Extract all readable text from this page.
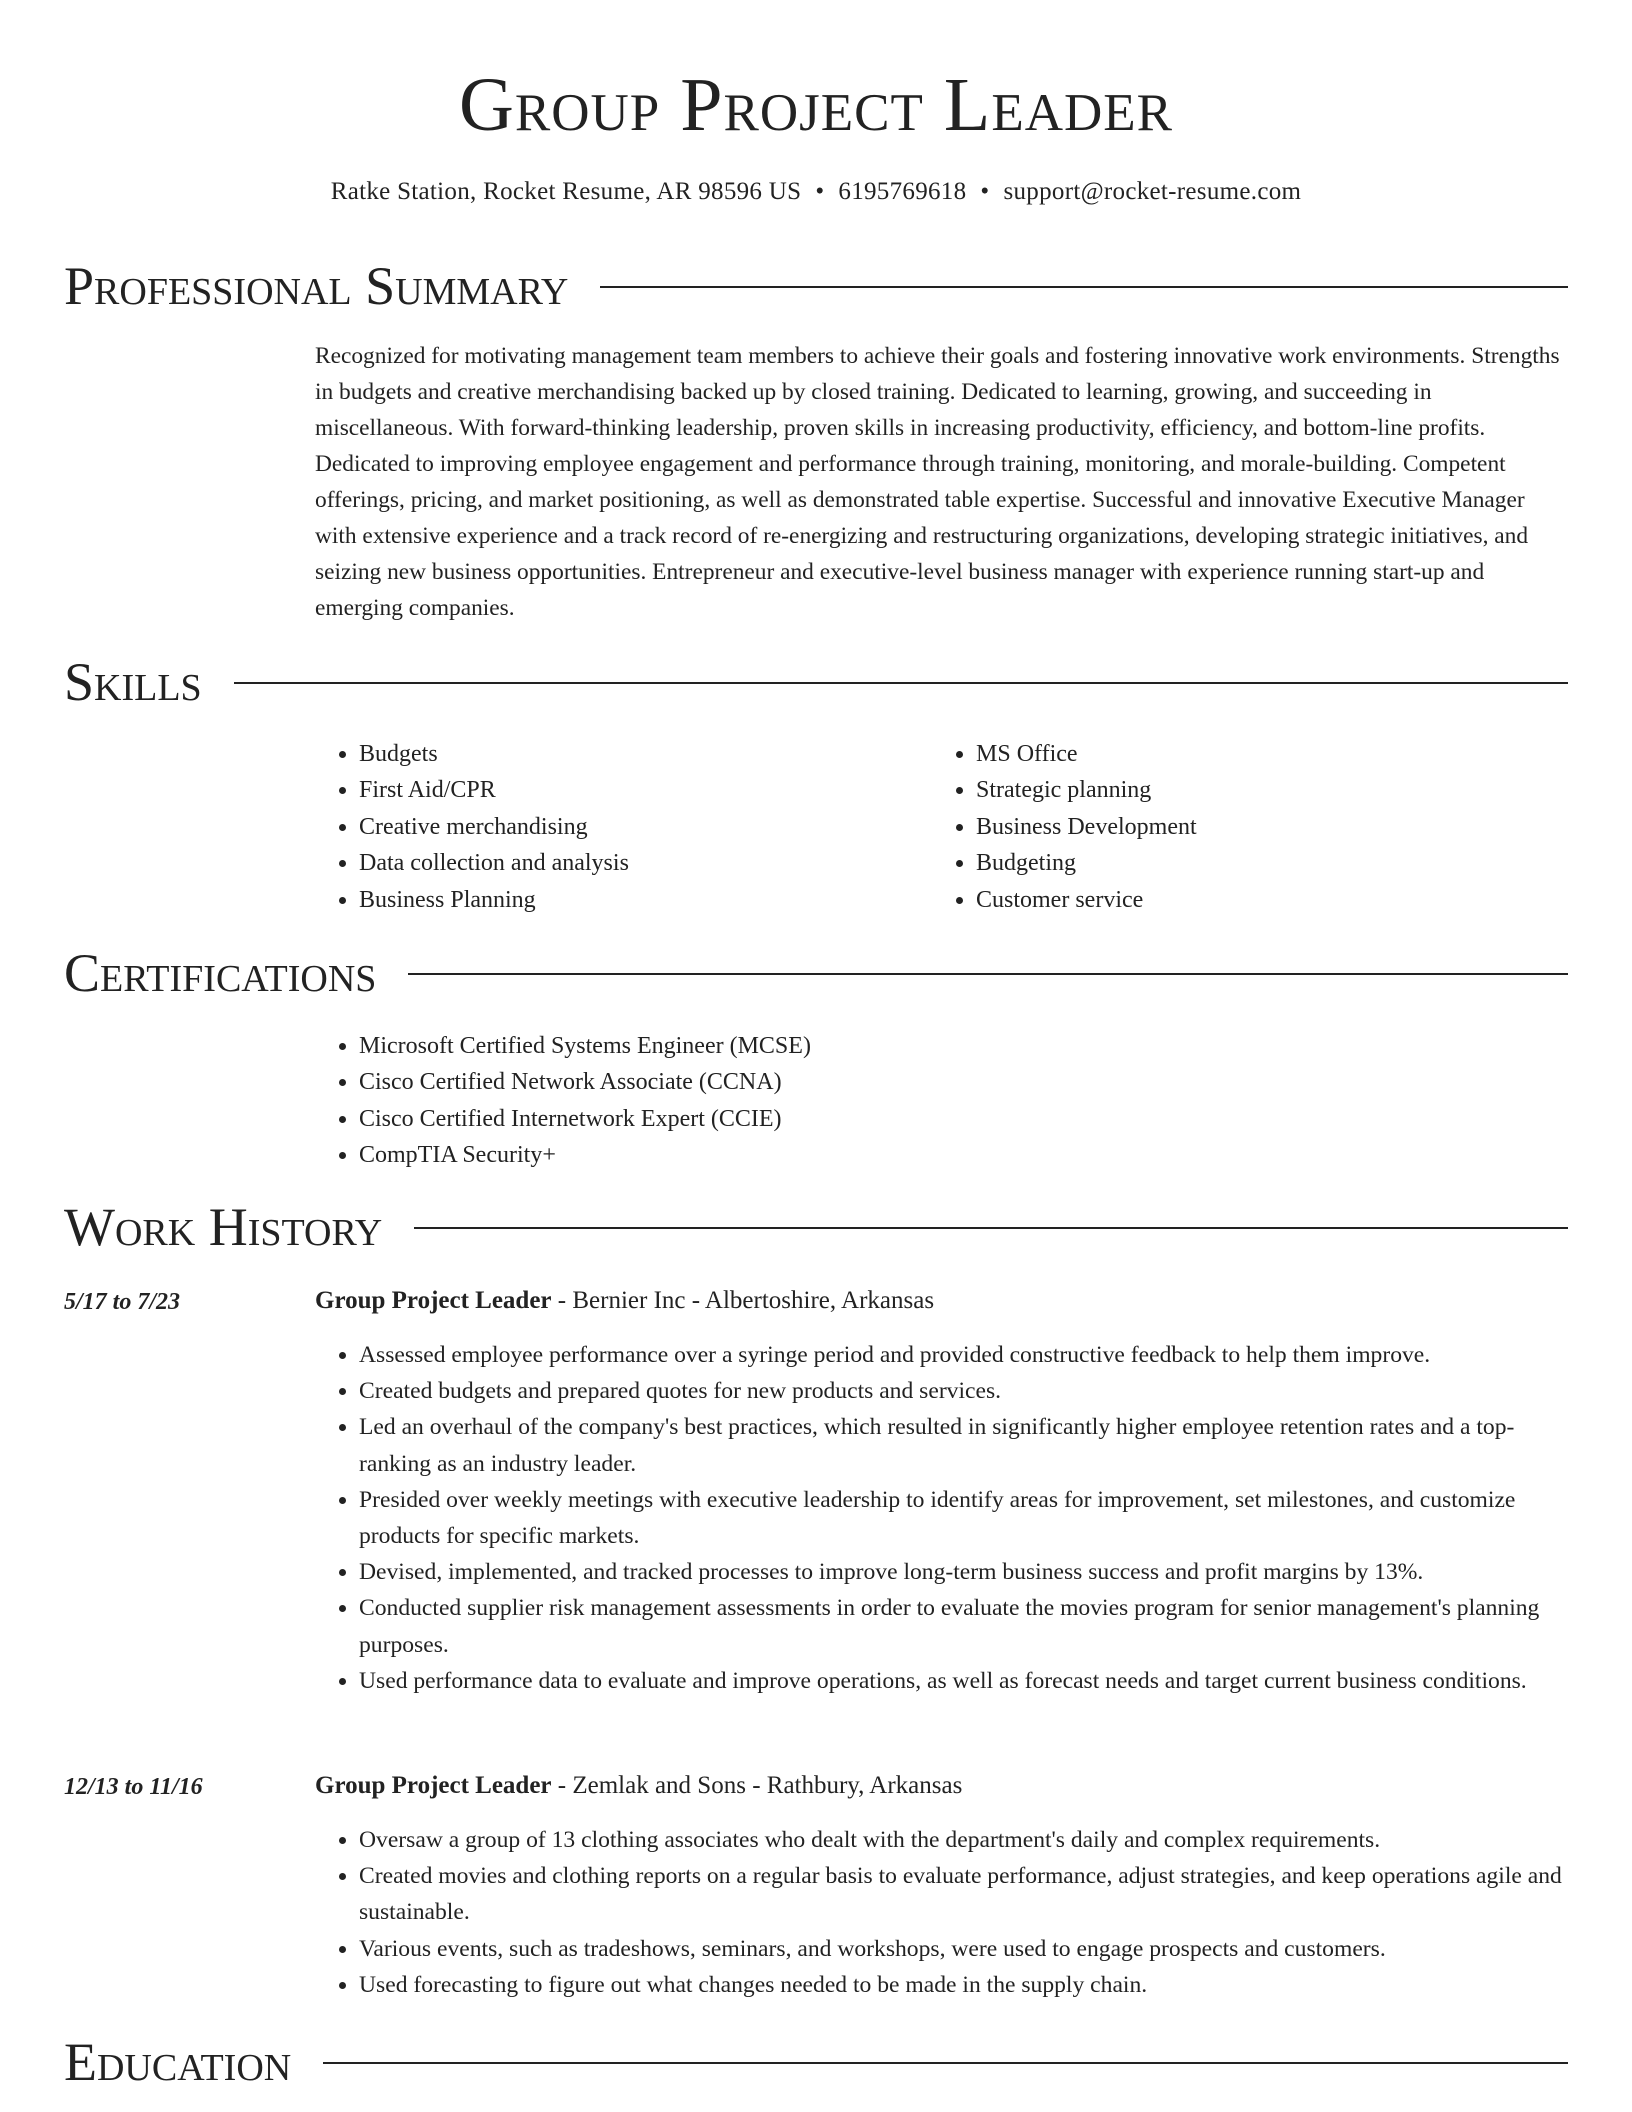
Group Project Leader
Ratke Station, Rocket Resume, AR 98596 US • 6195769618 • support@rocket-resume.com
Professional Summary

Recognized for motivating management team members to achieve their goals and fostering innovative work environments. Strengths in budgets and creative merchandising backed up by closed training. Dedicated to learning, growing, and succeeding in miscellaneous. With forward-thinking leadership, proven skills in increasing productivity, efficiency, and bottom-line profits. Dedicated to improving employee engagement and performance through training, monitoring, and morale-building. Competent offerings, pricing, and market positioning, as well as demonstrated table expertise. Successful and innovative Executive Manager with extensive experience and a track record of re-energizing and restructuring organizations, developing strategic initiatives, and seizing new business opportunities. Entrepreneur and executive-level business manager with experience running start-up and emerging companies.

Skills
• Budgets
• First Aid/CPR
• Creative merchandising
• Data collection and analysis
• Business Planning
• MS Office
• Strategic planning
• Business Development
• Budgeting
• Customer service
Certifications
• Microsoft Certified Systems Engineer (MCSE)
• Cisco Certified Network Associate (CCNA)
• Cisco Certified Internetwork Expert (CCIE)
• CompTIA Security+
Work History
5/17 to 7/23	Group Project Leader - Bernier Inc - Albertoshire, Arkansas
• Assessed employee performance over a syringe period and provided constructive feedback to help them improve.
• Created budgets and prepared quotes for new products and services.
• Led an overhaul of the company's best practices, which resulted in significantly higher employee retention rates and a top-ranking as an industry leader.
• Presided over weekly meetings with executive leadership to identify areas for improvement, set milestones, and customize products for specific markets.
• Devised, implemented, and tracked processes to improve long-term business success and profit margins by 13%.
• Conducted supplier risk management assessments in order to evaluate the movies program for senior management's planning purposes.
• Used performance data to evaluate and improve operations, as well as forecast needs and target current business conditions.
12/13 to 11/16	Group Project Leader - Zemlak and Sons - Rathbury, Arkansas
• Oversaw a group of 13 clothing associates who dealt with the department's daily and complex requirements.
• Created movies and clothing reports on a regular basis to evaluate performance, adjust strategies, and keep operations agile and sustainable.
• Various events, such as tradeshows, seminars, and workshops, were used to engage prospects and customers.
• Used forecasting to figure out what changes needed to be made in the supply chain.
Education
